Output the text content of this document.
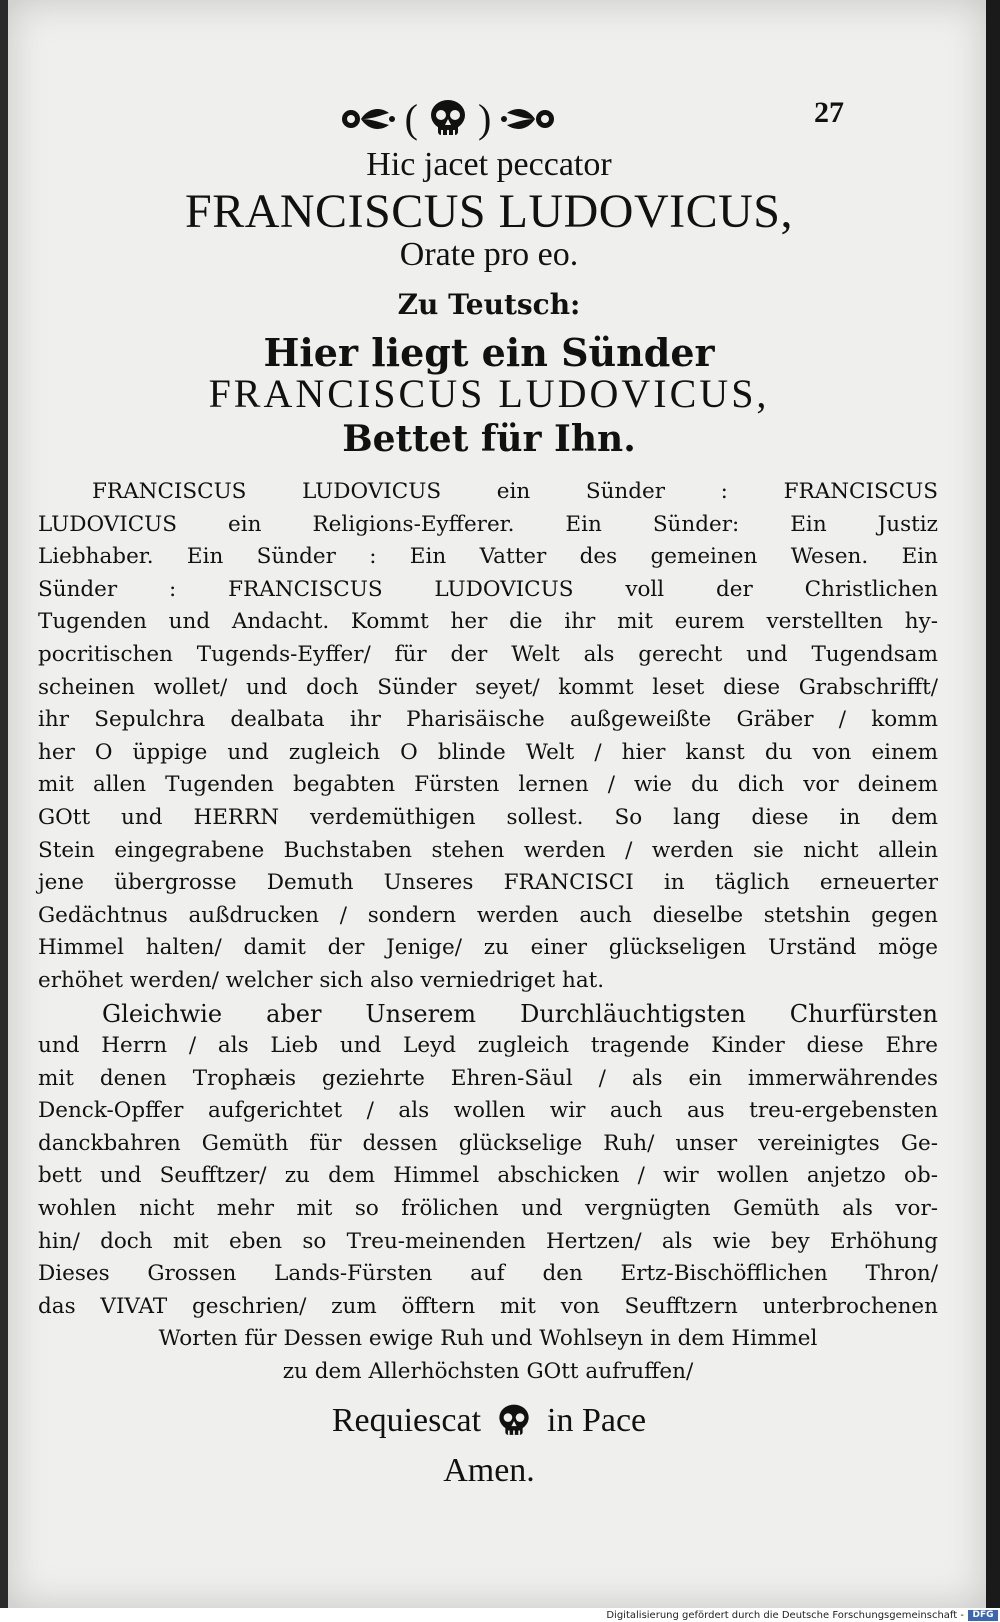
( )	27
Hic jacet peccator
FRANCISCUS LUDOVICUS,
Orate pro eo.
Zu Teutsch:
Hier liegt ein Sünder
FRANCISCUS LUDOVICUS,
Bettet für Ihn.
FRANCISCUS LUDOVICUS ein Sünder : FRANCISCUS
LUDOVICUS ein Religions-Eyfferer. Ein Sünder: Ein Justiz
Liebhaber. Ein Sünder : Ein Vatter des gemeinen Wesen. Ein
Sünder : FRANCISCUS LUDOVICUS voll der Christlichen
Tugenden und Andacht. Kommt her die ihr mit eurem verstellten hy-
pocritischen Tugends-Eyffer/ für der Welt als gerecht und Tugendsam
scheinen wollet/ und doch Sünder seyet/ kommt leset diese Grabschrifft/
ihr Sepulchra dealbata ihr Pharisäische außgeweißte Gräber / komm
her O üppige und zugleich O blinde Welt / hier kanst du von einem
mit allen Tugenden begabten Fürsten lernen / wie du dich vor deinem
GOtt und HERRN verdemüthigen sollest. So lang diese in dem
Stein eingegrabene Buchstaben stehen werden / werden sie nicht allein
jene übergrosse Demuth Unseres FRANCISCI in täglich erneuerter
Gedächtnus außdrucken / sondern werden auch dieselbe stetshin gegen
Himmel halten/ damit der Jenige/ zu einer glückseligen Urständ möge
erhöhet werden/ welcher sich also verniedriget hat.
Gleichwie aber Unserem Durchläuchtigsten Churfürsten
und Herrn / als Lieb und Leyd zugleich tragende Kinder diese Ehre
mit denen Trophæis geziehrte Ehren-Säul / als ein immerwährendes
Denck-Opffer aufgerichtet / als wollen wir auch aus treu-ergebensten
danckbahren Gemüth für dessen glückselige Ruh/ unser vereinigtes Ge-
bett und Seufftzer/ zu dem Himmel abschicken / wir wollen anjetzo ob-
wohlen nicht mehr mit so frölichen und vergnügten Gemüth als vor-
hin/ doch mit eben so Treu-meinenden Hertzen/ als wie bey Erhöhung
Dieses Grossen Lands-Fürsten auf den Ertz-Bischöfflichen Thron/
das VIVAT geschrien/ zum öfftern mit von Seufftzern unterbrochenen
Worten für Dessen ewige Ruh und Wohlseyn in dem Himmel
zu dem Allerhöchsten GOtt aufruffen/
Requiescat in Pace
Amen.
Digitalisierung gefördert durch die Deutsche Forschungsgemeinschaft - DFG
